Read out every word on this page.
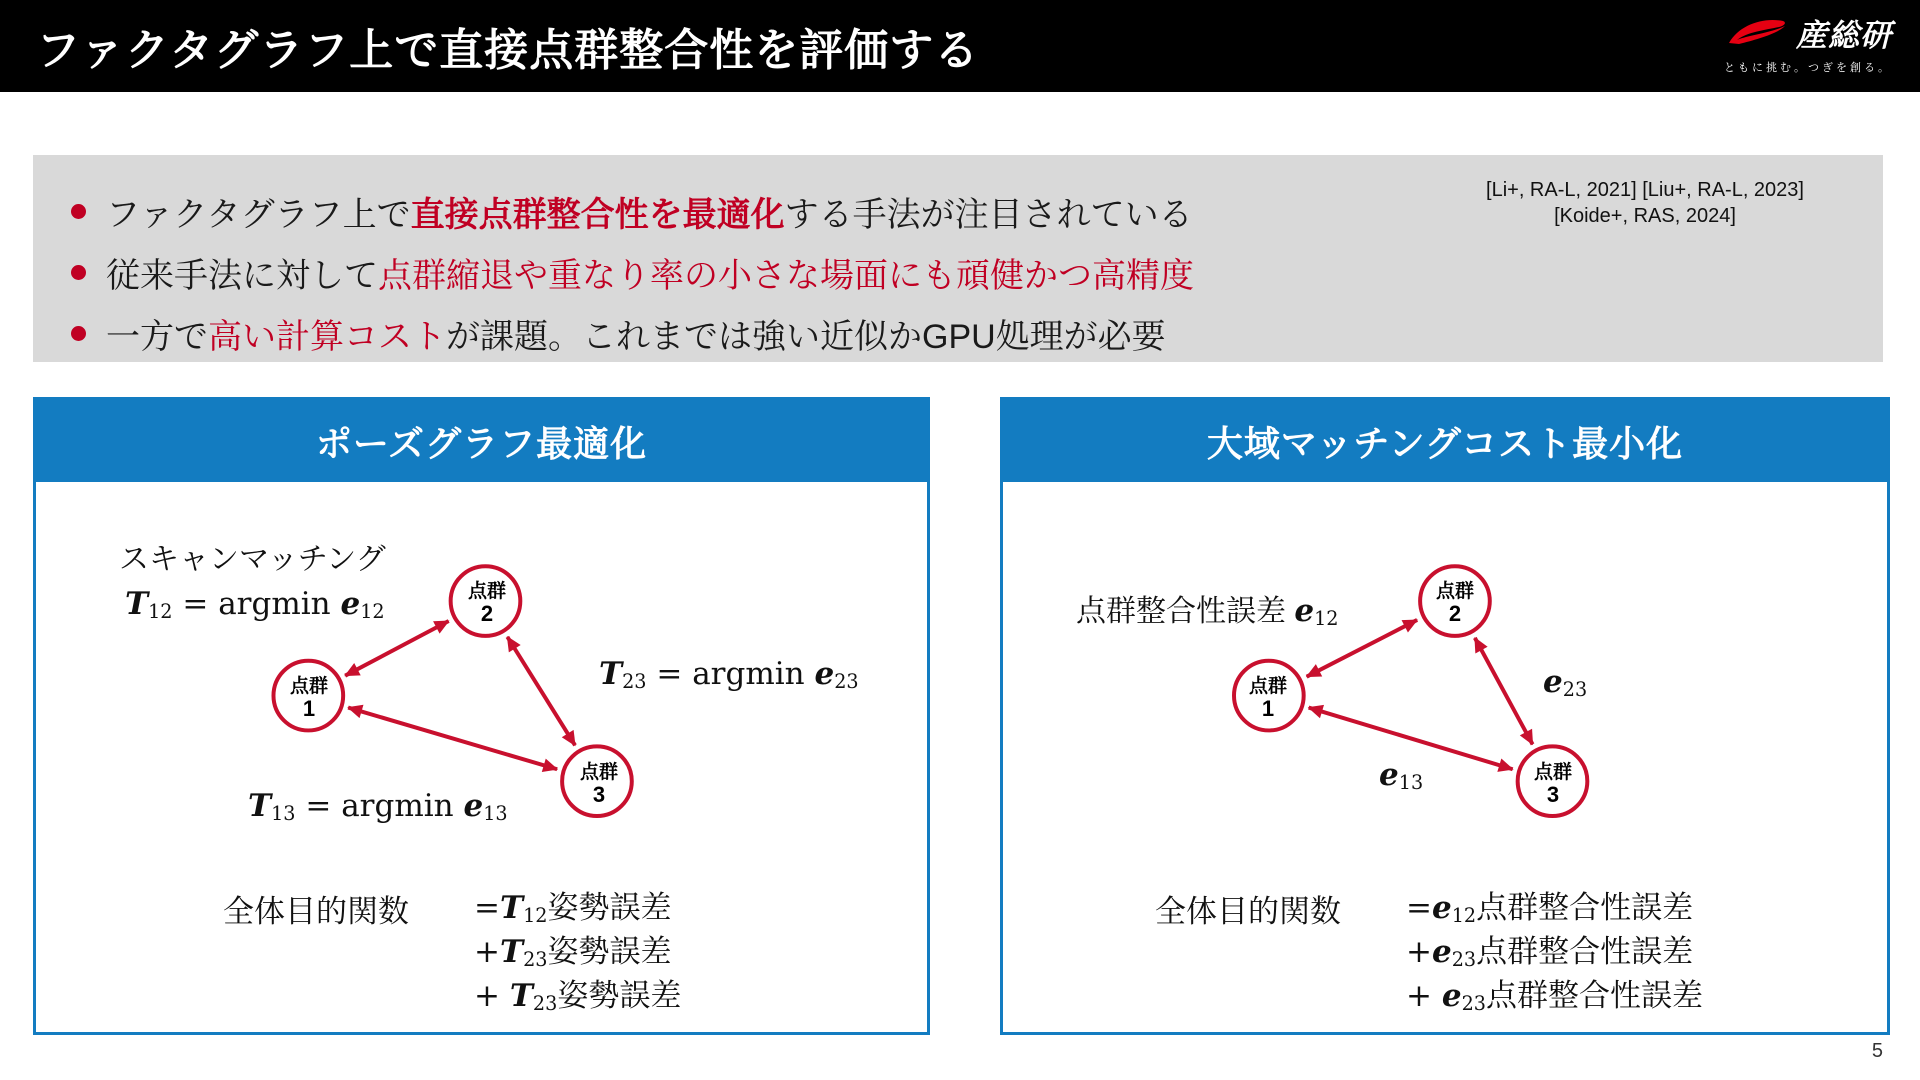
ファクタグラフ上で直接点群整合性を評価する	産総研
ともに挑む。つぎを創る。
ファクタグラフ上で 直接点群整合性を最適化 する手法が注目されている
従来手法に対して 点群縮退や重なり率の小さな場面にも頑健かつ高精度
一方で 高い計算コスト が課題。これまでは強い近似かGPU処理が必要
[Li+, RA-L, 2021] [Liu+, RA-L, 2023]
[Koide+, RAS, 2024]
ポーズグラフ最適化
点群
1
点群
2
点群
3
スキャンマッチング
$T_{12} = argmin$ $e_{12}$
$T_{23} = argmin$ $e_{23}$
$T_{13} = argmin$ $e_{13}$
全体目的関数 $=T_{12}$姿勢誤差
$+T_{23}$姿勢誤差
+ $T_{23}$姿勢誤差
大域マッチングコスト最小化
点群
1
点群
2
点群
3
点群整合性誤差 $e_{12}$
$e_{23}$
$e_{13}$
全体目的関数 $=e_{12}$点群整合性誤差
$+e_{23}$点群整合性誤差
+ $e_{23}$点群整合性誤差
5
